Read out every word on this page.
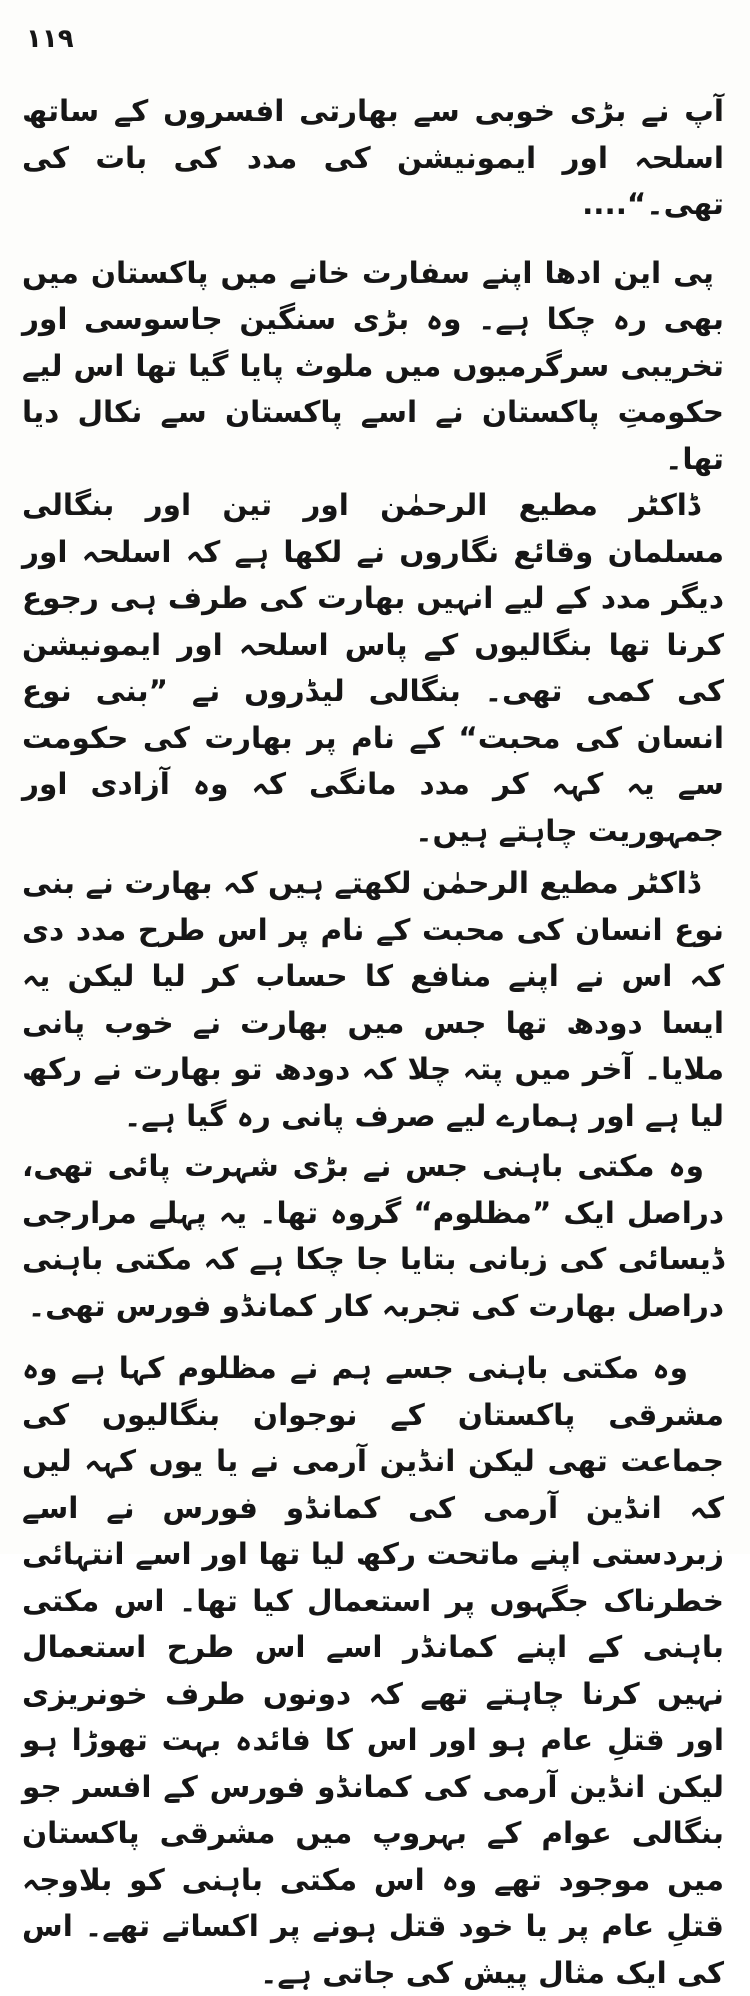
۱۱۹

آپ نے بڑی خوبی سے بھارتی افسروں کے ساتھ اسلحہ اور ایمونیشن کی مدد کی بات کی تھی۔“....

پی این ادھا اپنے سفارت خانے میں پاکستان میں بھی رہ چکا ہے۔ وہ بڑی سنگین جاسوسی اور تخریبی سرگرمیوں میں ملوث پایا گیا تھا اس لیے حکومتِ پاکستان نے اسے پاکستان سے نکال دیا تھا۔

ڈاکٹر مطیع الرحمٰن اور تین اور بنگالی مسلمان وقائع نگاروں نے لکھا ہے کہ اسلحہ اور دیگر مدد کے لیے انہیں بھارت کی طرف ہی رجوع کرنا تھا بنگالیوں کے پاس اسلحہ اور ایمونیشن کی کمی تھی۔ بنگالی لیڈروں نے ”بنی نوع انسان کی محبت“ کے نام پر بھارت کی حکومت سے یہ کہہ کر مدد مانگی کہ وہ آزادی اور جمہوریت چاہتے ہیں۔

ڈاکٹر مطیع الرحمٰن لکھتے ہیں کہ بھارت نے بنی نوع انسان کی محبت کے نام پر اس طرح مدد دی کہ اس نے اپنے منافع کا حساب کر لیا لیکن یہ ایسا دودھ تھا جس میں بھارت نے خوب پانی ملایا۔ آخر میں پتہ چلا کہ دودھ تو بھارت نے رکھ لیا ہے اور ہمارے لیے صرف پانی رہ گیا ہے۔

وہ مکتی باہنی جس نے بڑی شہرت پائی تھی، دراصل ایک ”مظلوم“ گروہ تھا۔ یہ پہلے مرارجی ڈیسائی کی زبانی بتایا جا چکا ہے کہ مکتی باہنی دراصل بھارت کی تجربہ کار کمانڈو فورس تھی۔

وہ مکتی باہنی جسے ہم نے مظلوم کہا ہے وہ مشرقی پاکستان کے نوجوان بنگالیوں کی جماعت تھی لیکن انڈین آرمی نے یا یوں کہہ لیں کہ انڈین آرمی کی کمانڈو فورس نے اسے زبردستی اپنے ماتحت رکھ لیا تھا اور اسے انتہائی خطرناک جگہوں پر استعمال کیا تھا۔ اس مکتی باہنی کے اپنے کمانڈر اسے اس طرح استعمال نہیں کرنا چاہتے تھے کہ دونوں طرف خونریزی اور قتلِ عام ہو اور اس کا فائدہ بہت تھوڑا ہو لیکن انڈین آرمی کی کمانڈو فورس کے افسر جو بنگالی عوام کے بہروپ میں مشرقی پاکستان میں موجود تھے وہ اس مکتی باہنی کو بلاوجہ قتلِ عام پر یا خود قتل ہونے پر اکساتے تھے۔ اس کی ایک مثال پیش کی جاتی ہے۔
